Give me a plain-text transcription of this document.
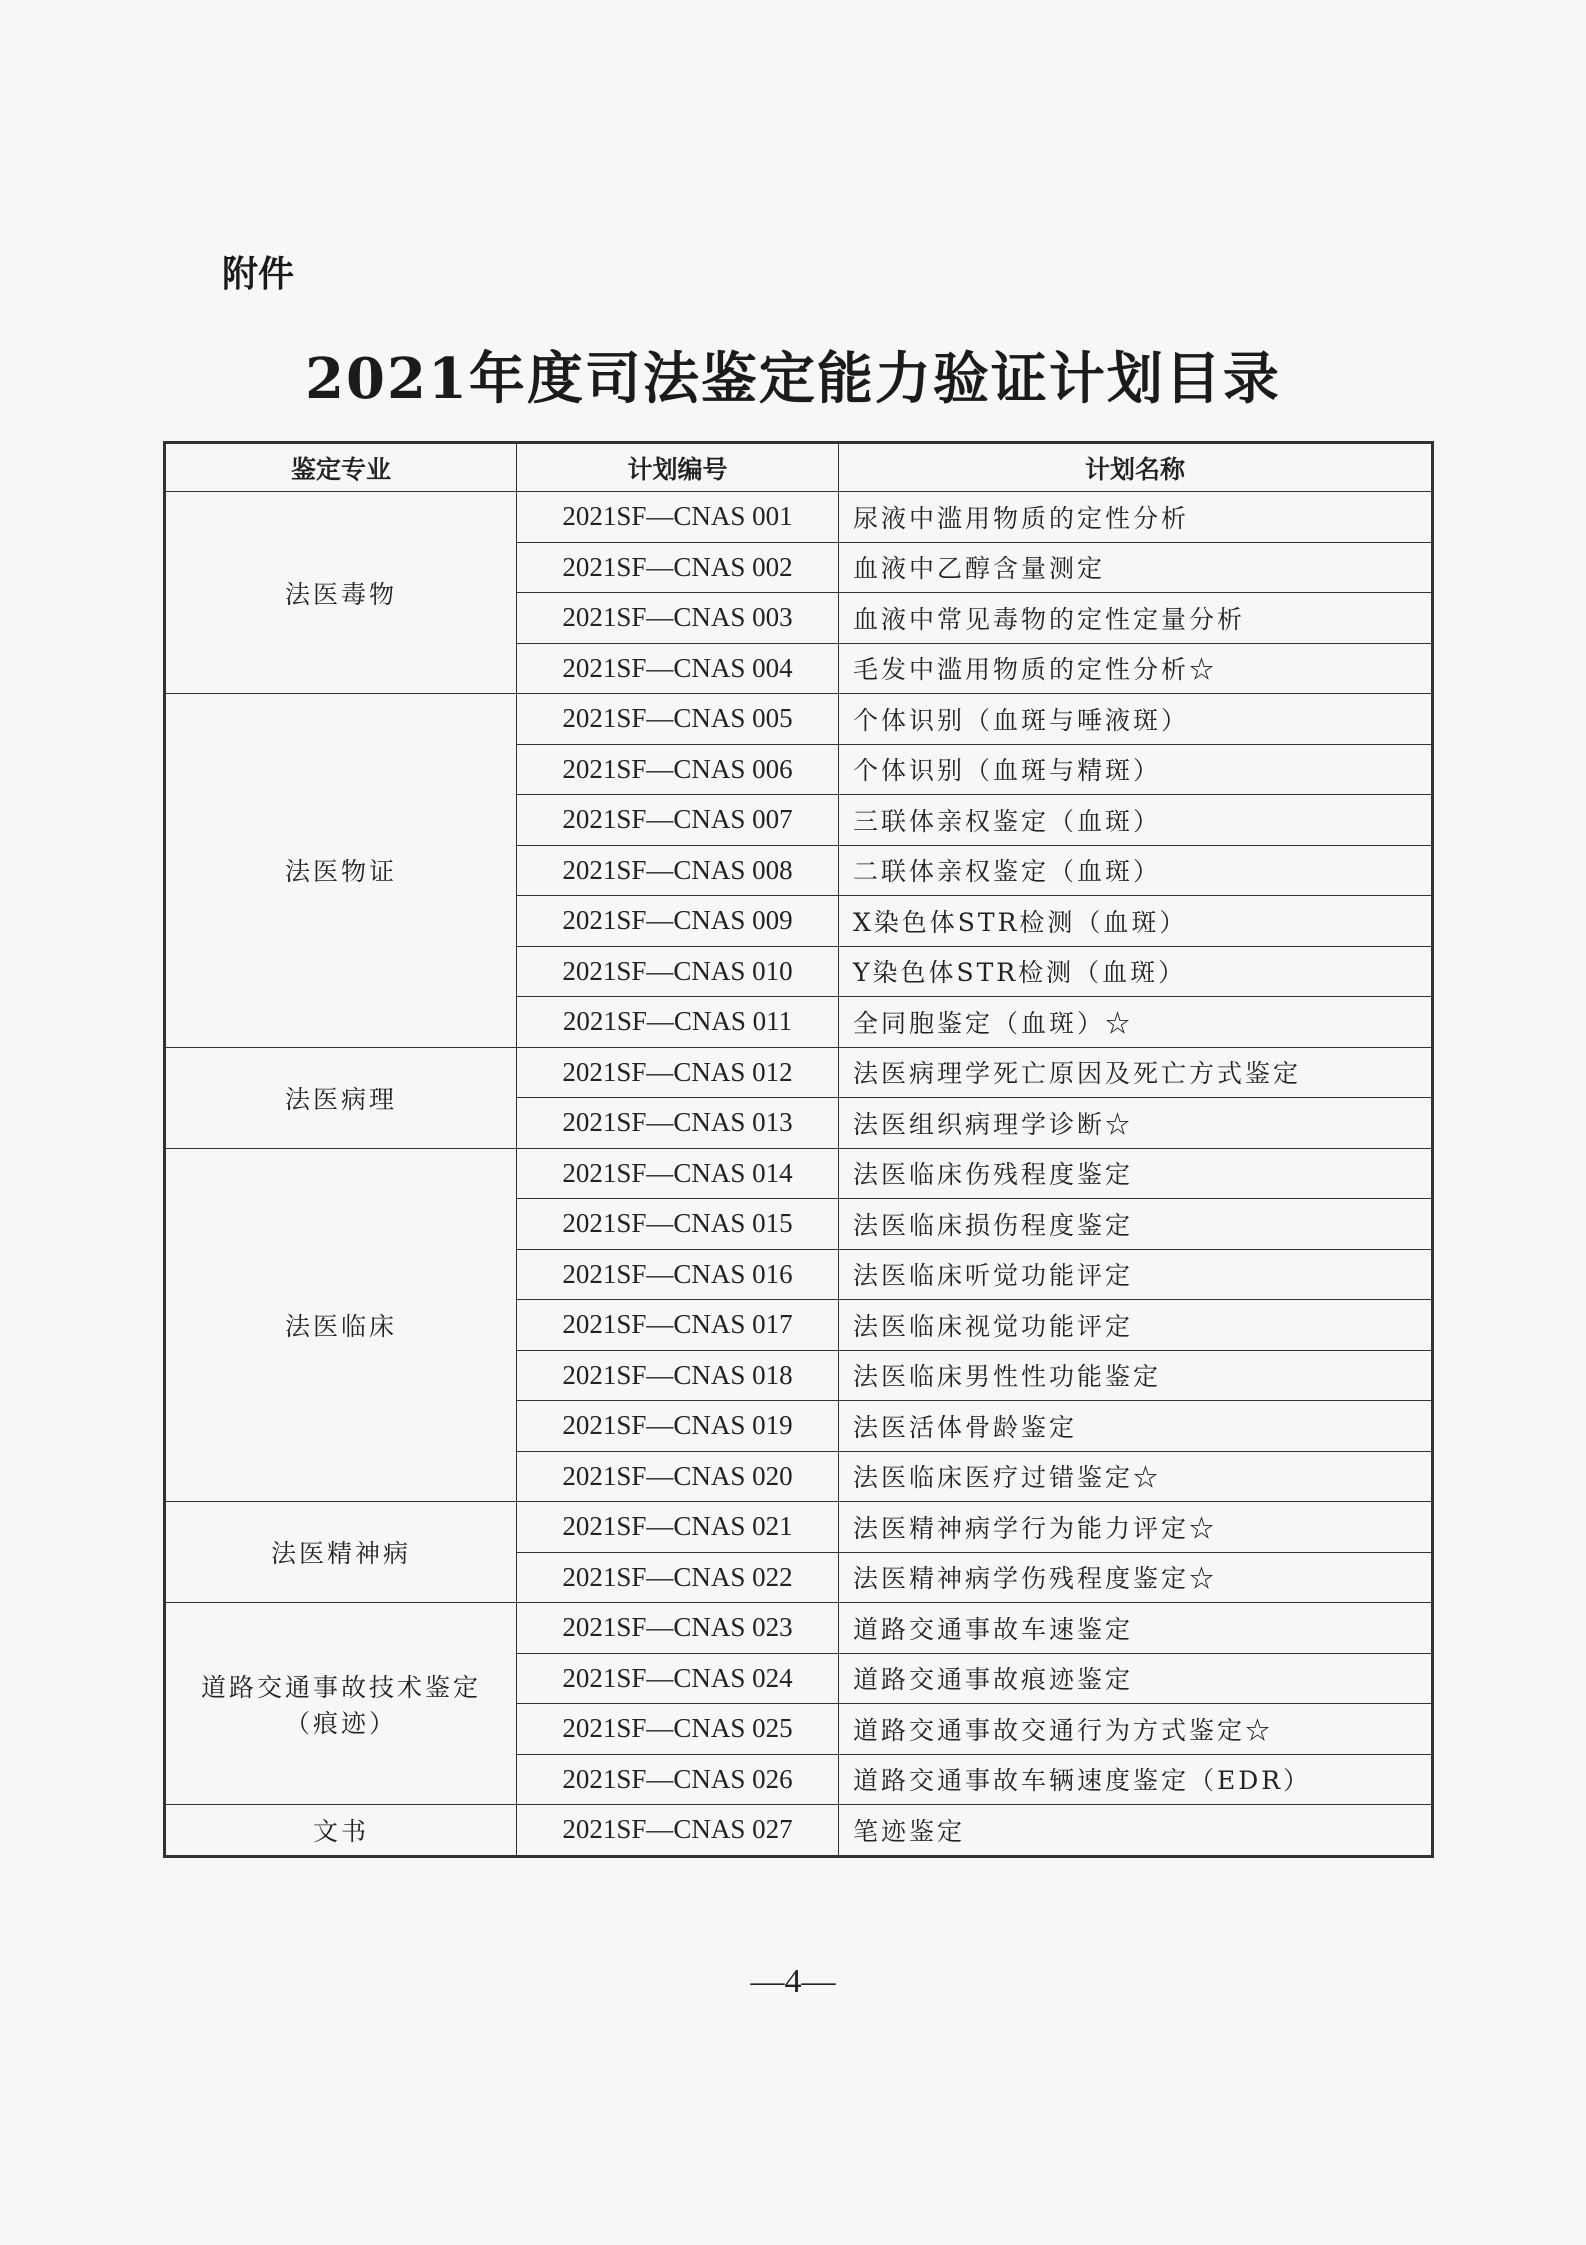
附件
2021年度司法鉴定能力验证计划目录
鉴定专业	计划编号	计划名称

法医毒物	2021SF—CNAS 001	尿液中滥用物质的定性分析
	2021SF—CNAS 002	血液中乙醇含量测定
	2021SF—CNAS 003	血液中常见毒物的定性定量分析
	2021SF—CNAS 004	毛发中滥用物质的定性分析☆

法医物证	2021SF—CNAS 005	个体识别（血斑与唾液斑）
	2021SF—CNAS 006	个体识别（血斑与精斑）
	2021SF—CNAS 007	三联体亲权鉴定（血斑）
	2021SF—CNAS 008	二联体亲权鉴定（血斑）
	2021SF—CNAS 009	X染色体STR检测（血斑）
	2021SF—CNAS 010	Y染色体STR检测（血斑）
	2021SF—CNAS 011	全同胞鉴定（血斑）☆

法医病理	2021SF—CNAS 012	法医病理学死亡原因及死亡方式鉴定
	2021SF—CNAS 013	法医组织病理学诊断☆

法医临床	2021SF—CNAS 014	法医临床伤残程度鉴定
	2021SF—CNAS 015	法医临床损伤程度鉴定
	2021SF—CNAS 016	法医临床听觉功能评定
	2021SF—CNAS 017	法医临床视觉功能评定
	2021SF—CNAS 018	法医临床男性性功能鉴定
	2021SF—CNAS 019	法医活体骨龄鉴定
	2021SF—CNAS 020	法医临床医疗过错鉴定☆

法医精神病	2021SF—CNAS 021	法医精神病学行为能力评定☆
	2021SF—CNAS 022	法医精神病学伤残程度鉴定☆

道路交通事故技术鉴定
（痕迹）	2021SF—CNAS 023	道路交通事故车速鉴定
	2021SF—CNAS 024	道路交通事故痕迹鉴定
	2021SF—CNAS 025	道路交通事故交通行为方式鉴定☆
	2021SF—CNAS 026	道路交通事故车辆速度鉴定（EDR）

文书	2021SF—CNAS 027	笔迹鉴定
—4—
